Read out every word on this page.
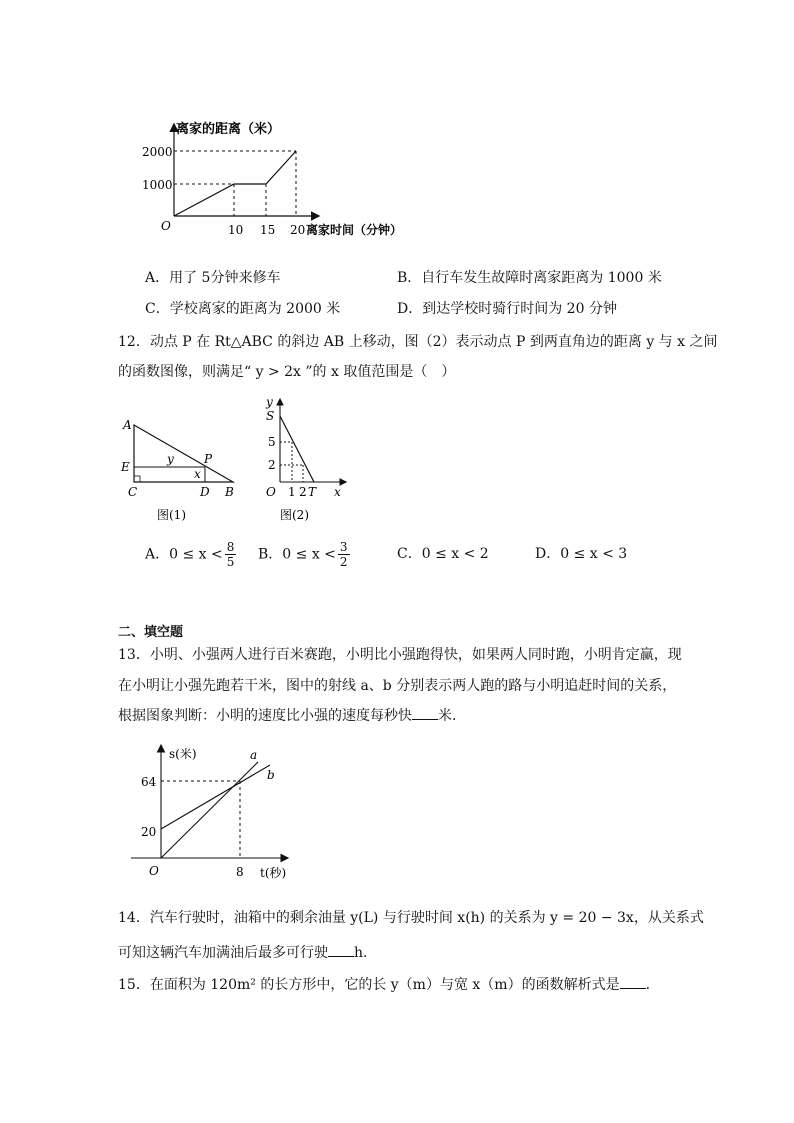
离家的距离（米）
2000
1000
O	10 15 20 离家时间（分钟）
A．用了 5分钟来修车	B．自行车发生故障时离家距离为 1000 米
C．学校离家的距离为 2000 米	D．到达学校时骑行时间为 20 分钟
12．动点 P 在 Rt△ABC 的斜边 AB 上移动，图（2）表示动点 P 到两直角边的距离 y 与 x 之间
的函数图像，则满足“ y > 2x ”的 x 取值范围是（　）
A
E
C
y	P
x
D B
图(1)
y
S
5
2
O 1 2 T x
图(2)
A．$0 \le x < \frac{8}{5}$ B．$0 \le x < \frac{3}{2}$	C．0 ≤ x < 2	D．0 ≤ x < 3
二、填空题
13．小明、小强两人进行百米赛跑，小明比小强跑得快，如果两人同时跑，小明肯定赢，现
在小明让小强先跑若干米，图中的射线 a、b 分别表示两人跑的路与小明追赶时间的关系，
根据图象判断：小明的速度比小强的速度每秒快 米．
s(米)
64
20
O	8 t(秒)
a
b
14．汽车行驶时，油箱中的剩余油量 y(L) 与行驶时间 x(h) 的关系为 y = 20 − 3x，从关系式
可知这辆汽车加满油后最多可行驶 h.
15．在面积为 120m² 的长方形中，它的长 y（m）与宽 x（m）的函数解析式是 .
